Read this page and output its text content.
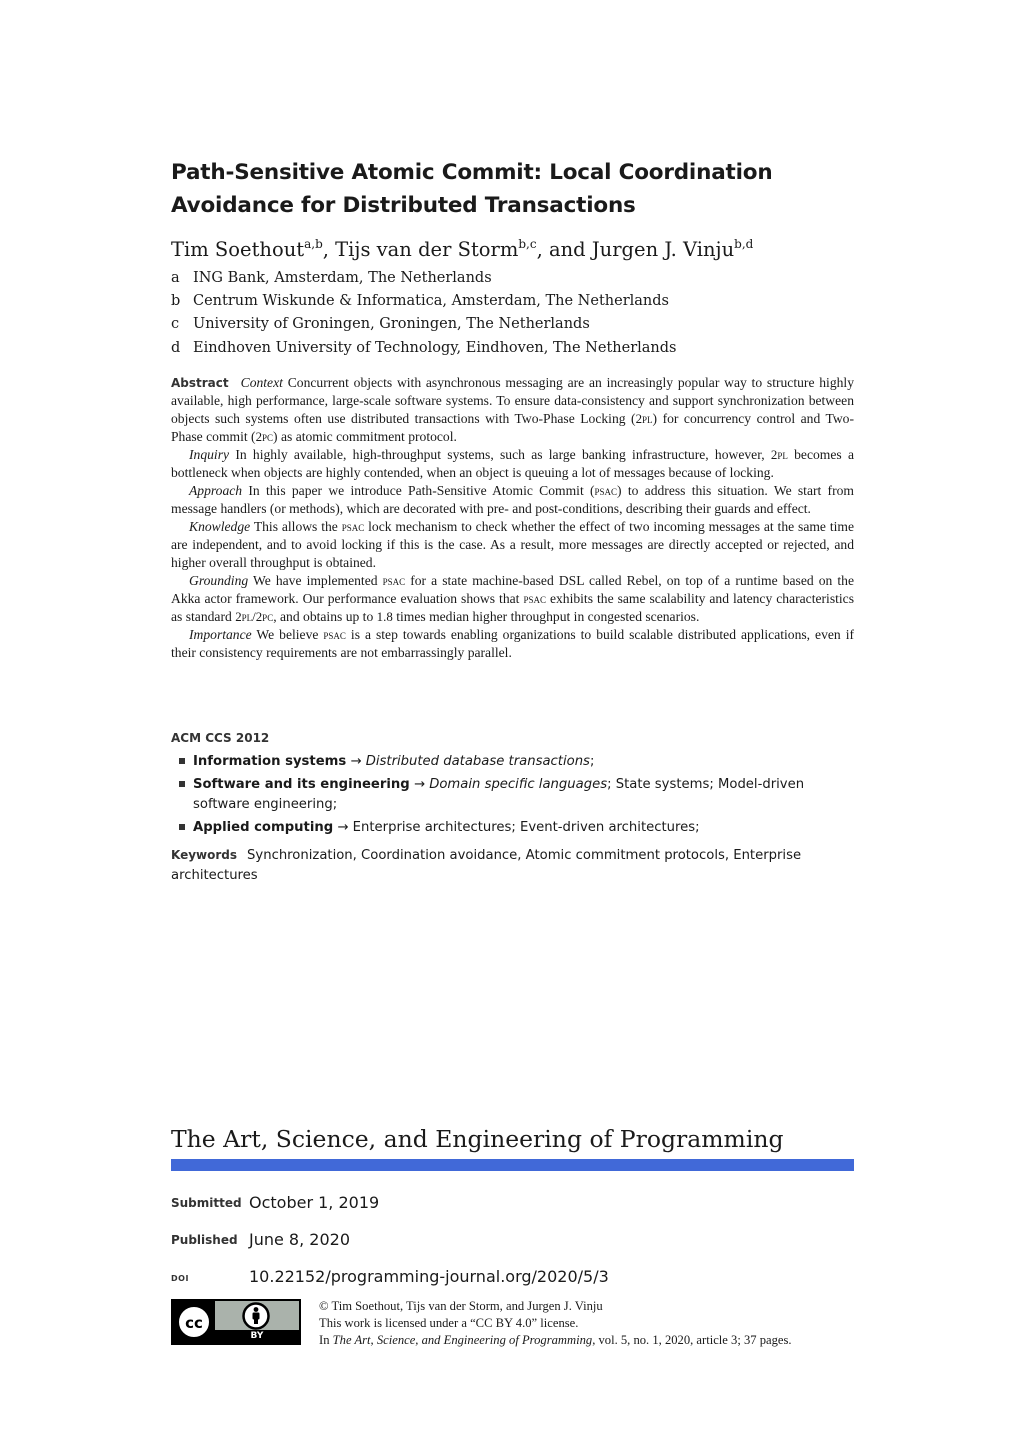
Path-Sensitive Atomic Commit: Local Coordination Avoidance for Distributed Transactions
Tim Soethout$^{a,b}$, Tijs van der Storm$^{b,c}$, and Jurgen J. Vinju$^{b,d}$
a ING Bank, Amsterdam, The Netherlands
b Centrum Wiskunde & Informatica, Amsterdam, The Netherlands
c University of Groningen, Groningen, The Netherlands
d Eindhoven University of Technology, Eindhoven, The Netherlands

Abstract Context Concurrent objects with asynchronous messaging are an increasingly popular way to structure highly available, high performance, large-scale software systems. To ensure data-consistency and support synchronization between objects such systems often use distributed transactions with Two-Phase Locking (2pl) for concurrency control and Two-Phase commit (2pc) as atomic commitment protocol.

Inquiry In highly available, high-throughput systems, such as large banking infrastructure, however, 2pl becomes a bottleneck when objects are highly contended, when an object is queuing a lot of messages because of locking.

Approach In this paper we introduce Path-Sensitive Atomic Commit (psac) to address this situation. We start from message handlers (or methods), which are decorated with pre- and post-conditions, describing their guards and effect.

Knowledge This allows the psac lock mechanism to check whether the effect of two incoming messages at the same time are independent, and to avoid locking if this is the case. As a result, more messages are directly accepted or rejected, and higher overall throughput is obtained.

Grounding We have implemented psac for a state machine-based DSL called Rebel, on top of a runtime based on the Akka actor framework. Our performance evaluation shows that psac exhibits the same scalability and latency characteristics as standard 2pl/2pc, and obtains up to 1.8 times median higher throughput in congested scenarios.

Importance We believe psac is a step towards enabling organizations to build scalable distributed applications, even if their consistency requirements are not embarrassingly parallel.

ACM CCS 2012
Information systems → Distributed database transactions;
Software and its engineering → Domain specific languages; State systems; Model-driven software engineering;
Applied computing → Enterprise architectures; Event-driven architectures;
Keywords Synchronization, Coordination avoidance, Atomic commitment protocols, Enterprise architectures
The Art, Science, and Engineering of Programming
Submitted October 1, 2019
Published June 8, 2020
doi	10.22152/programming-journal.org/2020/5/3
cc
BY
© Tim Soethout, Tijs van der Storm, and Jurgen J. Vinju
This work is licensed under a “CC BY 4.0” license.
In The Art, Science, and Engineering of Programming, vol. 5, no. 1, 2020, article 3; 37 pages.
